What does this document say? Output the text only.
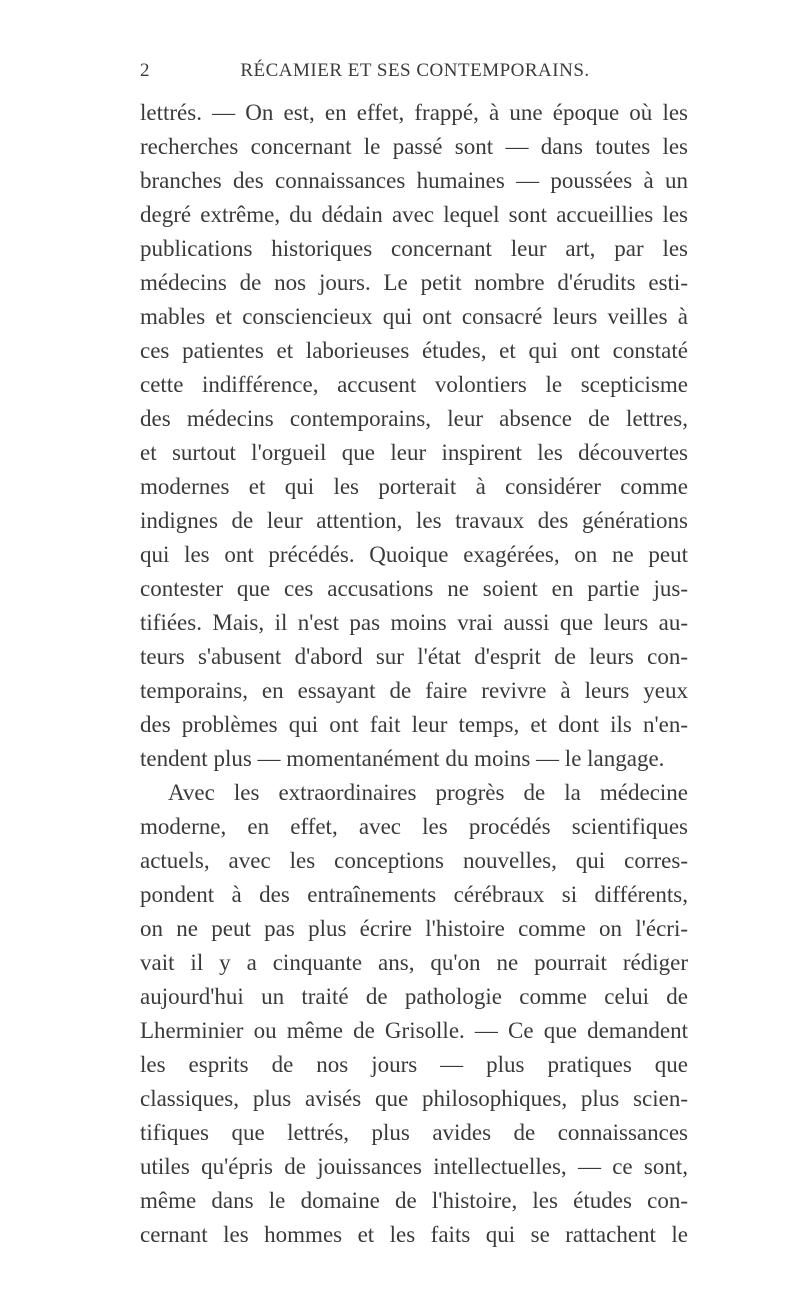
2	RÉCAMIER ET SES CONTEMPORAINS.
lettrés. — On est, en effet, frappé, à une époque où les
recherches concernant le passé sont — dans toutes les
branches des connaissances humaines — poussées à un
degré extrême, du dédain avec lequel sont accueillies les
publications historiques concernant leur art, par les
médecins de nos jours. Le petit nombre d'érudits esti-
mables et consciencieux qui ont consacré leurs veilles à
ces patientes et laborieuses études, et qui ont constaté
cette indifférence, accusent volontiers le scepticisme
des médecins contemporains, leur absence de lettres,
et surtout l'orgueil que leur inspirent les découvertes
modernes et qui les porterait à considérer comme
indignes de leur attention, les travaux des générations
qui les ont précédés. Quoique exagérées, on ne peut
contester que ces accusations ne soient en partie jus-
tifiées. Mais, il n'est pas moins vrai aussi que leurs au-
teurs s'abusent d'abord sur l'état d'esprit de leurs con-
temporains, en essayant de faire revivre à leurs yeux
des problèmes qui ont fait leur temps, et dont ils n'en-
tendent plus — momentanément du moins — le langage.
Avec les extraordinaires progrès de la médecine
moderne, en effet, avec les procédés scientifiques
actuels, avec les conceptions nouvelles, qui corres-
pondent à des entraînements cérébraux si différents,
on ne peut pas plus écrire l'histoire comme on l'écri-
vait il y a cinquante ans, qu'on ne pourrait rédiger
aujourd'hui un traité de pathologie comme celui de
Lherminier ou même de Grisolle. — Ce que demandent
les esprits de nos jours — plus pratiques que
classiques, plus avisés que philosophiques, plus scien-
tifiques que lettrés, plus avides de connaissances
utiles qu'épris de jouissances intellectuelles, — ce sont,
même dans le domaine de l'histoire, les études con-
cernant les hommes et les faits qui se rattachent le
